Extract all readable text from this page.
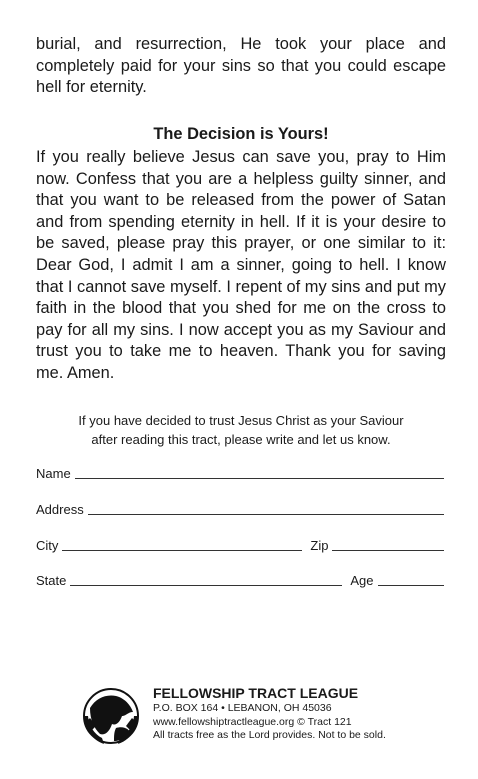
burial, and resurrection, He took your place and completely paid for your sins so that you could escape hell for eternity.
The Decision is Yours!
If you really believe Jesus can save you, pray to Him now. Confess that you are a helpless guilty sinner, and that you want to be released from the power of Satan and from spending eternity in hell. If it is your desire to be saved, please pray this prayer, or one similar to it: Dear God, I admit I am a sinner, going to hell. I know that I cannot save myself. I repent of my sins and put my faith in the blood that you shed for me on the cross to pay for all my sins. I now accept you as my Saviour and trust you to take me to heaven. Thank you for saving me. Amen.
If you have decided to trust Jesus Christ as your Saviour
after reading this tract, please write and let us know.
Name
Address
City	Zip
State	Age
FELLOWSHIP TRACT LEAGUE
P.O. BOX 164 • LEBANON, OH 45036
www.fellowshiptractleague.org © Tract 121
All tracts free as the Lord provides. Not to be sold.
